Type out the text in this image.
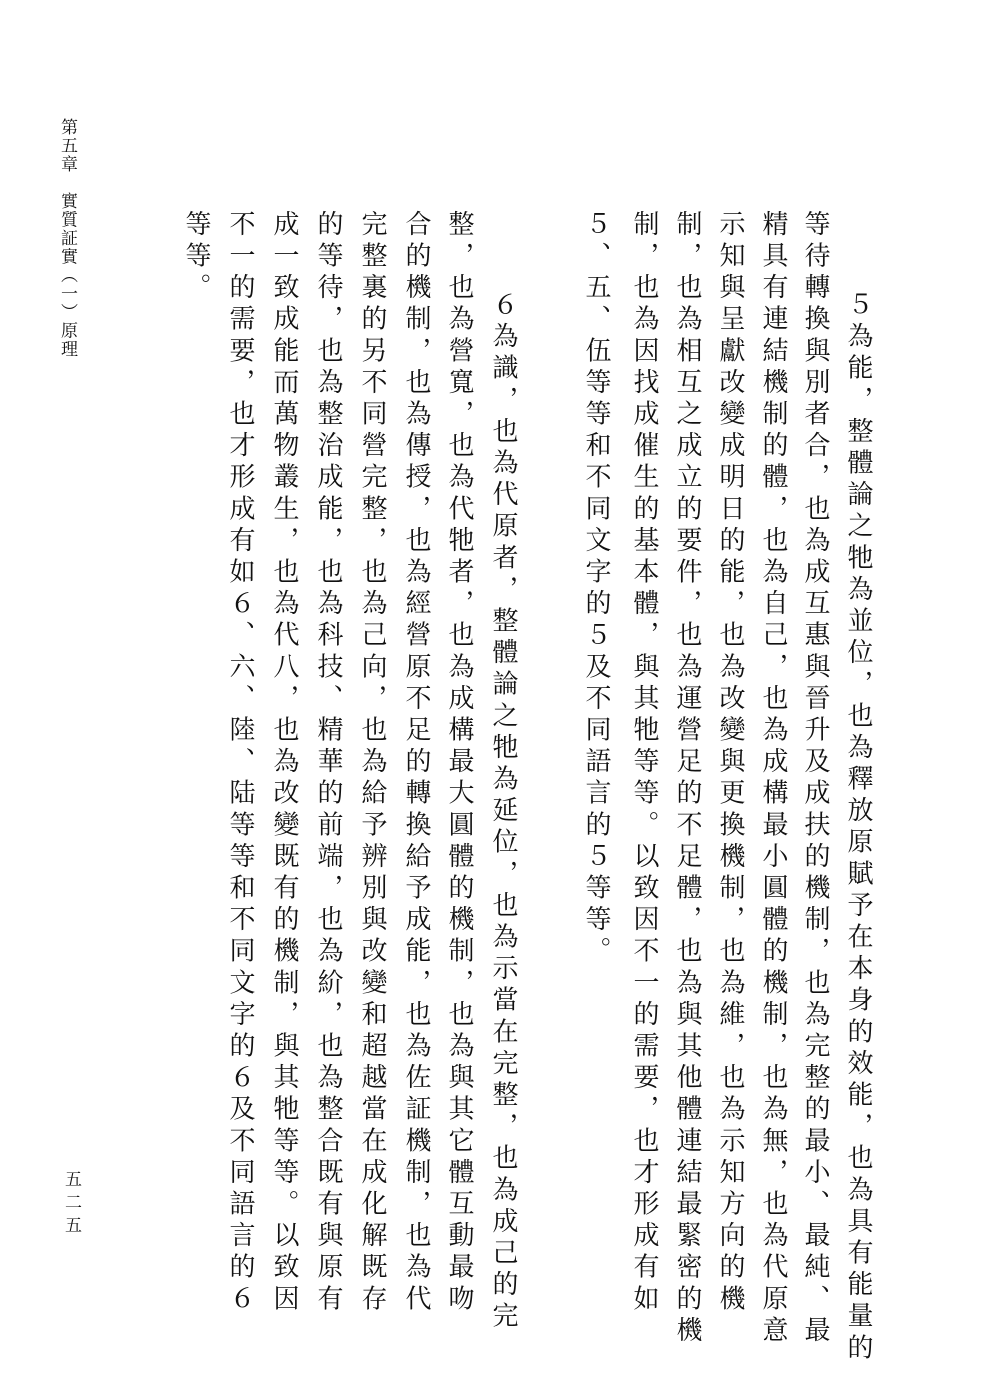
第五章　實質証實（一）原理
　５為能，整體論之牠為並位，也為釋放原賦予在本身的效能，也為具有能量的
等待轉換與別者合，也為成互惠與晉升及成扶的機制，也為完整的最小、最純、最
精具有連結機制的體，也為自己，也為成構最小圓體的機制，也為無，也為代原意
示知與呈獻改變成明日的能，也為改變與更換機制，也為維，也為示知方向的機
制，也為相互之成立的要件，也為運營足的不足體，也為與其他體連結最緊密的機
制，也為因找成催生的基本體，與其牠等等。以致因不一的需要，也才形成有如
５、五、伍等等和不同文字的５及不同語言的５等等。
　６為識，也為代原者，整體論之牠為延位，也為示當在完整，也為成己的完
整，也為營寬，也為代牠者，也為成構最大圓體的機制，也為與其它體互動最吻
合的機制，也為傳授，也為經營原不足的轉換給予成能，也為佐証機制，也為代
完整裏的另不同營完整，也為己向，也為給予辨別與改變和超越當在成化解既存
的等待，也為整治成能，也為科技、精華的前端，也為紒，也為整合既有與原有
成一致成能而萬物叢生，也為代八，也為改變既有的機制，與其牠等等。以致因
不一的需要，也才形成有如６、六、陸、陆等等和不同文字的６及不同語言的６
等等。
五二五
